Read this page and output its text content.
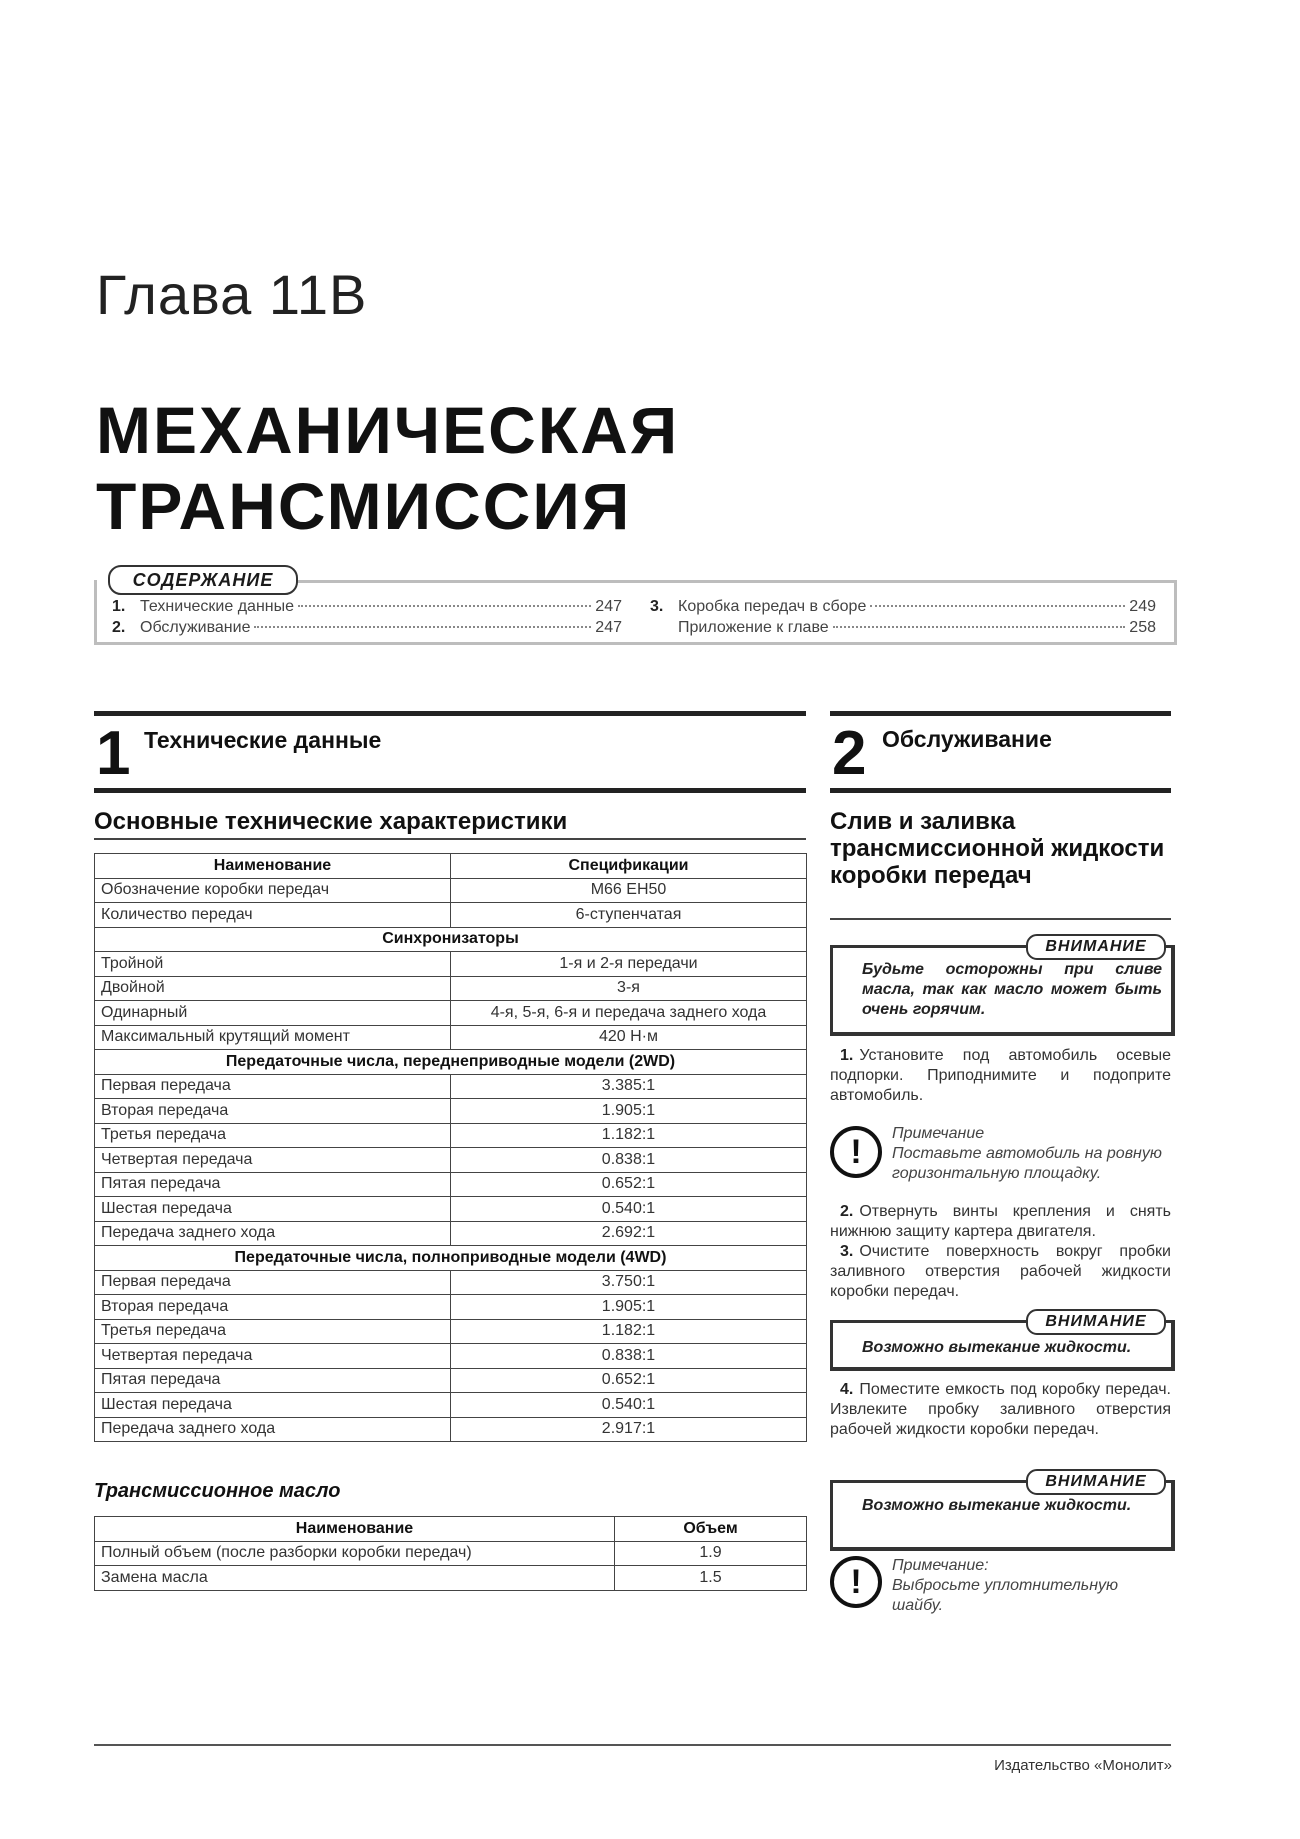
Глава 11В
МЕХАНИЧЕСКАЯ
ТРАНСМИССИЯ
СОДЕРЖАНИЕ
1. Технические данные	247
2. Обслуживание	247
3. Коробка передач в сборе	249
Приложение к главе	258
1 Технические данные
Основные технические характеристики
Наименование	Спецификации
Обозначение коробки передач	M66 EH50
Количество передач	6-ступенчатая
Синхронизаторы	
Тройной	1-я и 2-я передачи
Двойной	3-я
Одинарный	4-я, 5-я, 6-я и передача заднего хода
Максимальный крутящий момент	420 Н·м
Передаточные числа, переднеприводные модели (2WD)	
Первая передача	3.385:1
Вторая передача	1.905:1
Третья передача	1.182:1
Четвертая передача	0.838:1
Пятая передача	0.652:1
Шестая передача	0.540:1
Передача заднего хода	2.692:1
Передаточные числа, полноприводные модели (4WD)	
Первая передача	3.750:1
Вторая передача	1.905:1
Третья передача	1.182:1
Четвертая передача	0.838:1
Пятая передача	0.652:1
Шестая передача	0.540:1
Передача заднего хода	2.917:1
Трансмиссионное масло
Наименование	Объем
Полный объем (после разборки коробки передач)	1.9
Замена масла	1.5
2 Обслуживание
Слив и заливка трансмиссионной жидкости коробки передач
ВНИМАНИЕ
Будьте осторожны при сливе масла, так как масло может быть очень горячим.
1. Установите под автомобиль осевые подпорки. Приподнимите и подоприте автомобиль.
!	Примечание
Поставьте автомобиль на ровную горизонтальную площадку.
2. Отвернуть винты крепления и снять нижнюю защиту картера двигателя.
3. Очистите поверхность вокруг пробки заливного отверстия рабочей жидкости коробки передач.
ВНИМАНИЕ
Возможно вытекание жидкости.
4. Поместите емкость под коробку передач. Извлеките пробку заливного отверстия рабочей жидкости коробки передач.
ВНИМАНИЕ
Возможно вытекание жидкости.
!	Примечание:
Выбросьте уплотнительную шайбу.
Издательство «Монолит»
